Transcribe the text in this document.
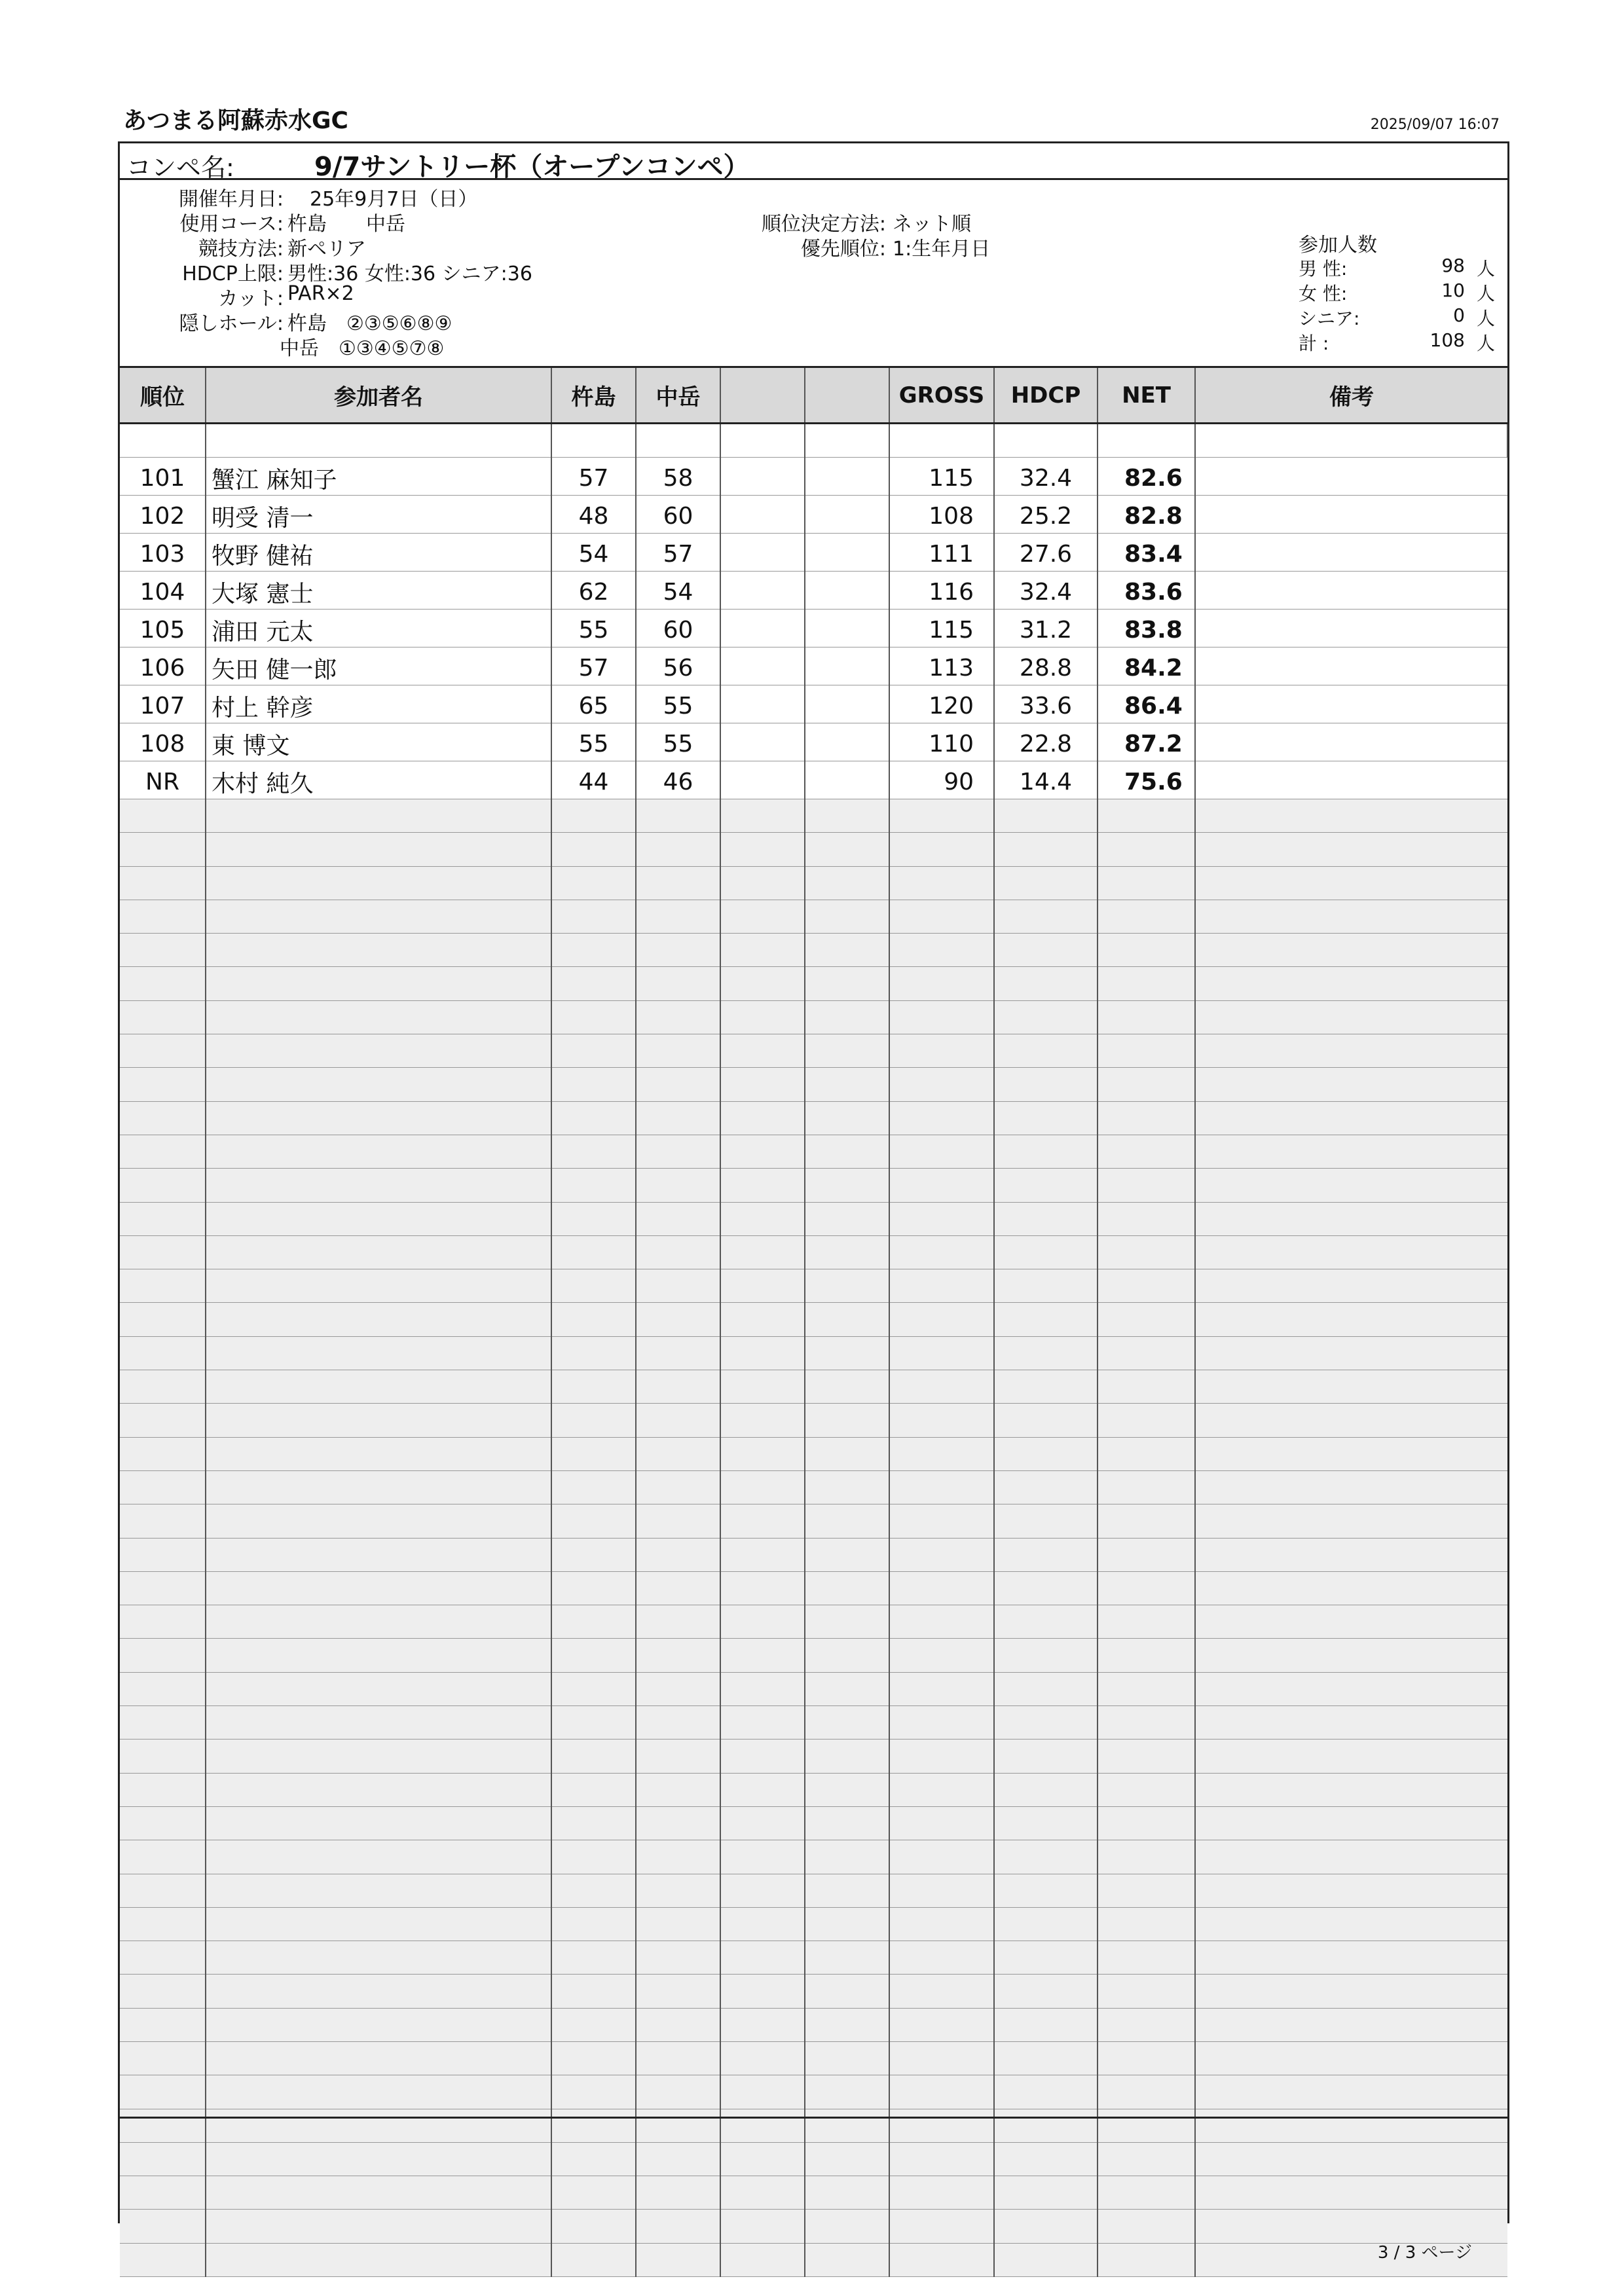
あつまる阿蘇赤水GC	2025/09/07 16:07
コンペ名:	9/7サントリー杯（オープンコンペ）
開催年月日: 25年9月7日（日）
使用コース: 杵島　　中岳
競技方法: 新ペリア
HDCP上限: 男性:36 女性:36 シニア:36
カット: PAR×2
隠しホール: 杵島　②③⑤⑥⑧⑨
中岳　①③④⑤⑦⑧
順位決定方法: ネット順
優先順位: 1:生年月日	参加人数
男 性:	98 人
女 性:	10 人
シニア:	0 人
計 :	108 人
順位	参加者名	杵島	中岳			GROSS	HDCP	NET	備考

101	蟹江 麻知子	57	58			115	32.4	82.6	
102	明受 清一	48	60			108	25.2	82.8	
103	牧野 健祐	54	57			111	27.6	83.4	
104	大塚 憲士	62	54			116	32.4	83.6	
105	浦田 元太	55	60			115	31.2	83.8	
106	矢田 健一郎	57	56			113	28.8	84.2	
107	村上 幹彦	65	55			120	33.6	86.4	
108	東 博文	55	55			110	22.8	87.2	
NR	木村 純久	44	46			90	14.4	75.6	

3 / 3 ページ
